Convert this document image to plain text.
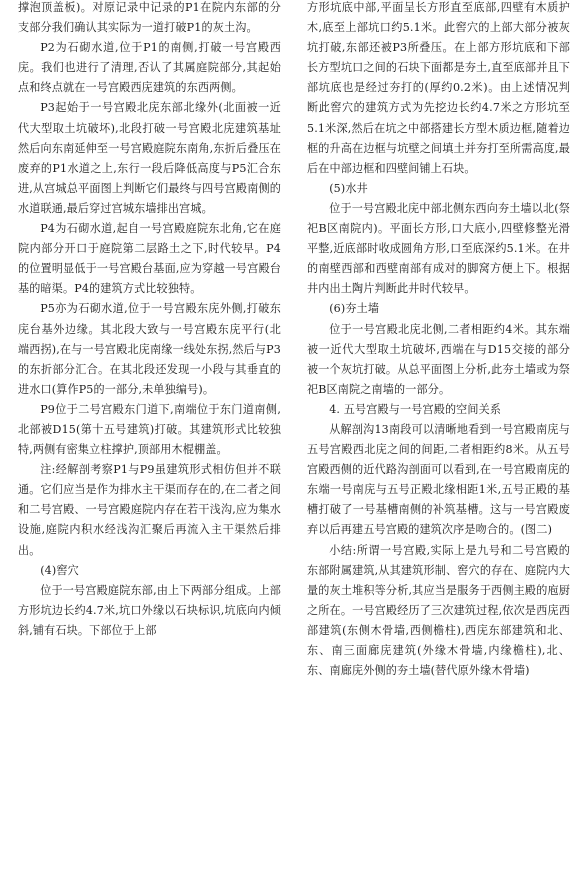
撑泡顶盖板)。对原记录中记录的P1在院内东部的分支部分我们确认其实际为一道打破P1的灰土沟。

P2为石砌水道,位于P1的南侧,打破一号宫殿西庑。我们也进行了清理,否认了其属庭院部分,其起始点和终点就在一号宫殿西庑建筑的东西两侧。

P3起始于一号宫殿北庑东部北缘外(北面被一近代大型取土坑破坏),北段打破一号宫殿北庑建筑基址然后向东南延伸至一号宫殿庭院东南角,东折后叠压在废弃的P1水道之上,东行一段后降低高度与P5汇合东进,从宫城总平面图上判断它们最终与四号宫殿南侧的水道联通,最后穿过宫城东墙排出宫城。

P4为石砌水道,起自一号宫殿庭院东北角,它在庭院内部分开口于庭院第二层路土之下,时代较早。P4的位置明显低于一号宫殿台基面,应为穿越一号宫殿台基的暗渠。P4的建筑方式比较独特。

P5亦为石砌水道,位于一号宫殿东庑外侧,打破东庑台基外边缘。其北段大致与一号宫殿东庑平行(北端西拐),在与一号宫殿北庑南缘一线处东拐,然后与P3的东折部分汇合。在其北段还发现一小段与其垂直的进水口(算作P5的一部分,未单独编号)。

P9位于二号宫殿东门道下,南端位于东门道南侧,北部被D15(第十五号建筑)打破。其建筑形式比较独特,两侧有密集立柱撑护,顶部用木棍棚盖。

注:经解剖考察P1与P9虽建筑形式相仿但并不联通。它们应当是作为排水主干渠而存在的,在二者之间和二号宫殿、一号宫殿庭院内存在若干浅沟,应为集水设施,庭院内积水经浅沟汇聚后再流入主干渠然后排出。

(4)窖穴

位于一号宫殿庭院东部,由上下两部分组成。上部方形坑边长约4.7米,坑口外缘以石块标识,坑底向内倾斜,铺有石块。下部位于上部

方形坑底中部,平面呈长方形直至底部,四壁有木质护木,底至上部坑口约5.1米。此窖穴的上部大部分被灰坑打破,东部还被P3所叠压。在上部方形坑底和下部长方型坑口之间的石块下面都是夯土,直至底部并且下部坑底也是经过夯打的(厚约0.2米)。由上述情况判断此窖穴的建筑方式为先挖边长约4.7米之方形坑至5.1米深,然后在坑之中部搭建长方型木质边框,随着边框的升高在边框与坑壁之间填土并夯打至所需高度,最后在中部边框和四壁间铺上石块。

(5)水井

位于一号宫殿北庑中部北侧东西向夯土墙以北(祭祀B区南院内)。平面长方形,口大底小,四壁修整光滑平整,近底部时收成圆角方形,口至底深约5.1米。在井的南壁西部和西壁南部有成对的脚窝方便上下。根据井内出土陶片判断此井时代较早。

(6)夯土墙

位于一号宫殿北庑北侧,二者相距约4米。其东端被一近代大型取土坑破坏,西端在与D15交接的部分被一个灰坑打破。从总平面图上分析,此夯土墙或为祭祀B区南院之南墙的一部分。

4. 五号宫殿与一号宫殿的空间关系

从解剖沟13南段可以清晰地看到一号宫殿南庑与五号宫殿西北庑之间的间距,二者相距约8米。从五号宫殿西侧的近代路沟剖面可以看到,在一号宫殿南庑的东端一号南庑与五号正殿北缘相距1米,五号正殿的基槽打破了一号基槽南侧的补筑基槽。这与一号宫殿废弃以后再建五号宫殿的建筑次序是吻合的。(图二)

小结:所谓一号宫殿,实际上是九号和二号宫殿的东部附属建筑,从其建筑形制、窖穴的存在、庭院内大量的灰土堆积等分析,其应当是服务于西侧主殿的庖厨之所在。一号宫殿经历了三次建筑过程,依次是西庑西部建筑(东侧木骨墙,西侧檐柱),西庑东部建筑和北、东、南三面廊庑建筑(外缘木骨墙,内缘檐柱),北、东、南廊庑外侧的夯土墙(替代原外缘木骨墙)
